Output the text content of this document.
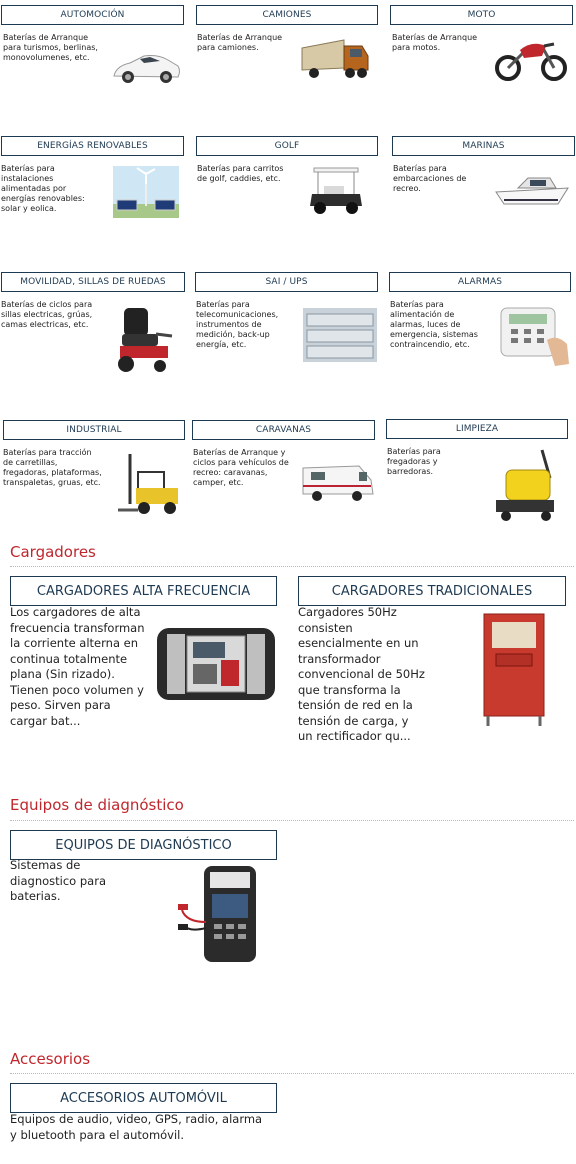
AUTOMOCIÓN
Baterías de Arranque para turismos, berlinas, monovolumenes, etc.
CAMIONES
Baterías de Arranque para camiones.
MOTO
Baterías de Arranque para motos.
ENERGÍAS RENOVABLES
Baterías para instalaciones alimentadas por energías renovables: solar y eolica.
GOLF
Baterías para carritos de golf, caddies, etc.
MARINAS
Baterías para embarcaciones de recreo.
MOVILIDAD, SILLAS DE RUEDAS
Baterías de ciclos para sillas electricas, grúas, camas electricas, etc.
SAI / UPS
Baterías para telecomunicaciones, instrumentos de medición, back-up energía, etc.
ALARMAS
Baterías para alimentación de alarmas, luces de emergencia, sistemas contraincendio, etc.
INDUSTRIAL
Baterías para tracción de carretillas, fregadoras, plataformas, transpaletas, gruas, etc.
CARAVANAS
Baterías de Arranque y ciclos para vehículos de recreo: caravanas, camper, etc.
LIMPIEZA
Baterías para fregadoras y barredoras.
Cargadores
CARGADORES ALTA FRECUENCIA
Los cargadores de alta frecuencia transforman la corriente alterna en continua totalmente plana (Sin rizado). Tienen poco volumen y peso. Sirven para cargar bat...
CARGADORES TRADICIONALES
Cargadores 50Hz consisten esencialmente en un transformador convencional de 50Hz que transforma la tensión de red en la tensión de carga, y un rectificador qu...
Equipos de diagnóstico
EQUIPOS DE DIAGNÓSTICO
Sistemas de diagnostico para baterias.
Accesorios
ACCESORIOS AUTOMÓVIL
Equipos de audio, video, GPS, radio, alarma y bluetooth para el automóvil.
